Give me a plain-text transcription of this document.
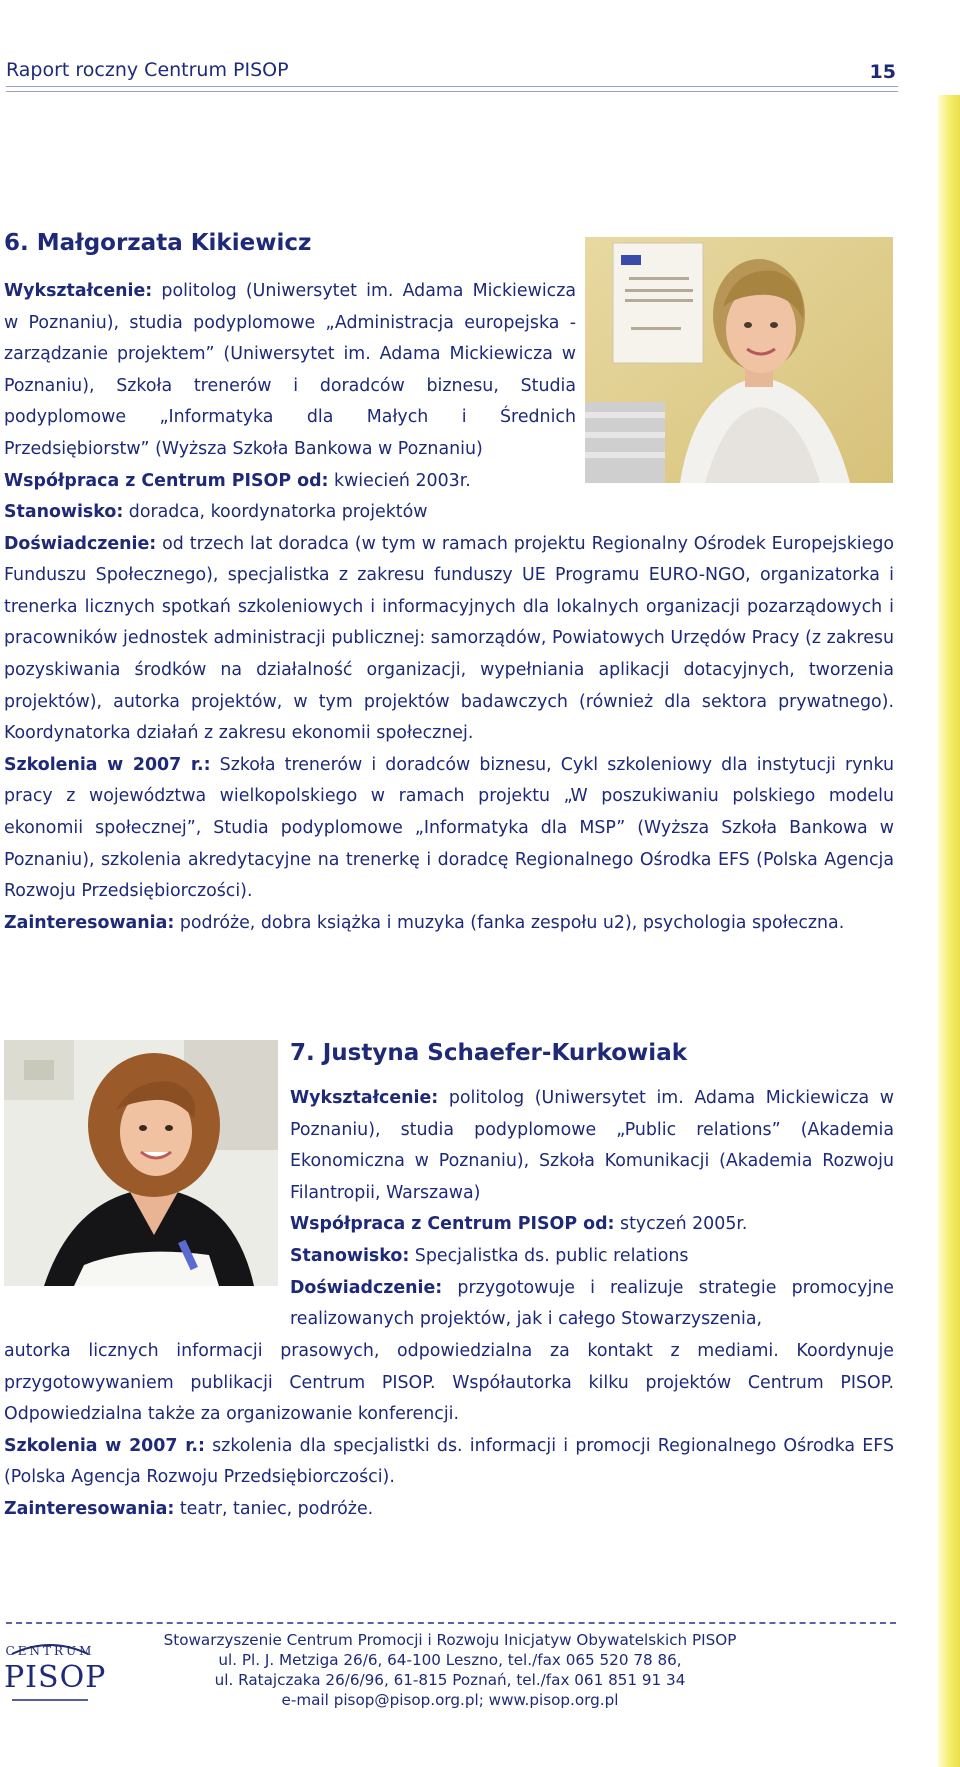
Raport roczny Centrum PISOP	15
6. Małgorzata Kikiewicz

Wykształcenie: politolog (Uniwersytet im. Adama Mickiewicza w Poznaniu), studia podyplomowe „Administracja europejska - zarządzanie projektem” (Uniwersytet im. Adama Mickiewicza w Poznaniu), Szkoła trenerów i doradców biznesu, Studia podyplomowe „Informatyka dla Małych i Średnich Przedsiębiorstw” (Wyższa Szkoła Bankowa w Poznaniu)
Współpraca z Centrum PISOP od: kwiecień 2003r.

Stanowisko: doradca, koordynatorka projektów
Doświadczenie: od trzech lat doradca (w tym w ramach projektu Regionalny Ośrodek Europejskiego Funduszu Społecznego), specjalistka z zakresu funduszy UE Programu EURO-NGO, organizatorka i trenerka licznych spotkań szkoleniowych i informacyjnych dla lokalnych organizacji pozarządowych i pracowników jednostek administracji publicznej: samorządów, Powiatowych Urzędów Pracy (z zakresu pozyskiwania środków na działalność organizacji, wypełniania aplikacji dotacyjnych, tworzenia projektów), autorka projektów, w tym projektów badawczych (również dla sektora prywatnego). Koordynatorka działań z zakresu ekonomii społecznej.
Szkolenia w 2007 r.: Szkoła trenerów i doradców biznesu, Cykl szkoleniowy dla instytucji rynku pracy z województwa wielkopolskiego w ramach projektu „W poszukiwaniu polskiego modelu ekonomii społecznej”, Studia podyplomowe „Informatyka dla MSP” (Wyższa Szkoła Bankowa w Poznaniu), szkolenia akredytacyjne na trenerkę i doradcę Regionalnego Ośrodka EFS (Polska Agencja Rozwoju Przedsiębiorczości).
Zainteresowania: podróże, dobra książka i muzyka (fanka zespołu u2), psychologia społeczna.

7. Justyna Schaefer-Kurkowiak

Wykształcenie: politolog (Uniwersytet im. Adama Mickiewicza w Poznaniu), studia podyplomowe „Public relations” (Akademia Ekonomiczna w Poznaniu), Szkoła Komunikacji (Akademia Rozwoju Filantropii, Warszawa)
Współpraca z Centrum PISOP od: styczeń 2005r.
Stanowisko: Specjalistka ds. public relations
Doświadczenie: przygotowuje i realizuje strategie promocyjne realizowanych projektów, jak i całego Stowarzyszenia,

autorka licznych informacji prasowych, odpowiedzialna za kontakt z mediami. Koordynuje przygotowywaniem publikacji Centrum PISOP. Współautorka kilku projektów Centrum PISOP. Odpowiedzialna także za organizowanie konferencji.
Szkolenia w 2007 r.: szkolenia dla specjalistki ds. informacji i promocji Regionalnego Ośrodka EFS (Polska Agencja Rozwoju Przedsiębiorczości).
Zainteresowania: teatr, taniec, podróże.

CENTRUM
PISOP
Stowarzyszenie Centrum Promocji i Rozwoju Inicjatyw Obywatelskich PISOP
ul. Pl. J. Metziga 26/6, 64-100 Leszno, tel./fax 065 520 78 86,
ul. Ratajczaka 26/6/96, 61-815 Poznań, tel./fax 061 851 91 34
e-mail pisop@pisop.org.pl; www.pisop.org.pl
